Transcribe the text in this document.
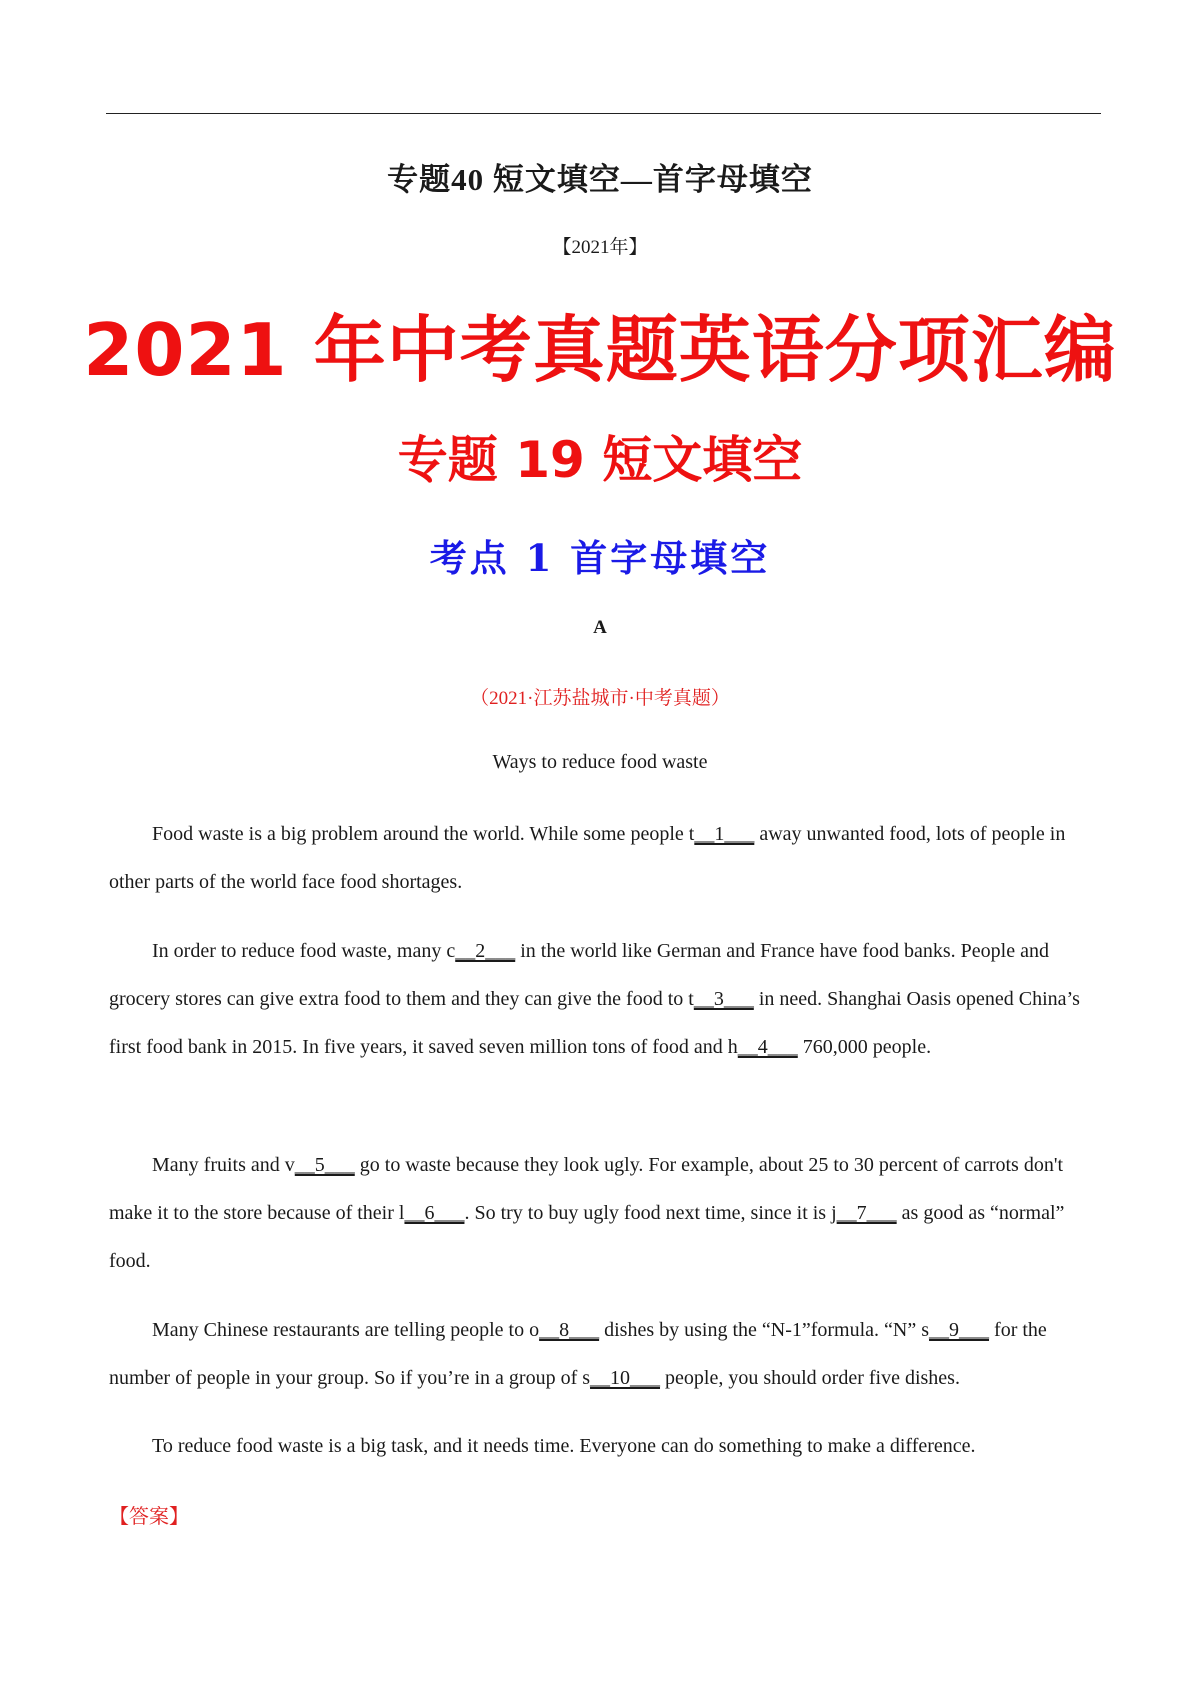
专题40 短文填空—首字母填空
【2021年】
2021 年中考真题英语分项汇编
专题 19 短文填空
考点 1 首字母填空
A
（2021·江苏盐城市·中考真题）
Ways to reduce food waste

Food waste is a big problem around the world. While some people t__1___ away unwanted food, lots of people in other parts of the world face food shortages.

In order to reduce food waste, many c__2___ in the world like German and France have food banks. People and grocery stores can give extra food to them and they can give the food to t__3___ in need. Shanghai Oasis opened China’s first food bank in 2015. In five years, it saved seven million tons of food and h__4___ 760,000 people.

Many fruits and v__5___ go to waste because they look ugly. For example, about 25 to 30 percent of carrots don't make it to the store because of their l__6___. So try to buy ugly food next time, since it is j__7___ as good as “normal” food.

Many Chinese restaurants are telling people to o__8___ dishes by using the “N-1”formula. “N” s__9___ for the number of people in your group. So if you’re in a group of s__10___ people, you should order five dishes.

To reduce food waste is a big task, and it needs time. Everyone can do something to make a difference.

【答案】
